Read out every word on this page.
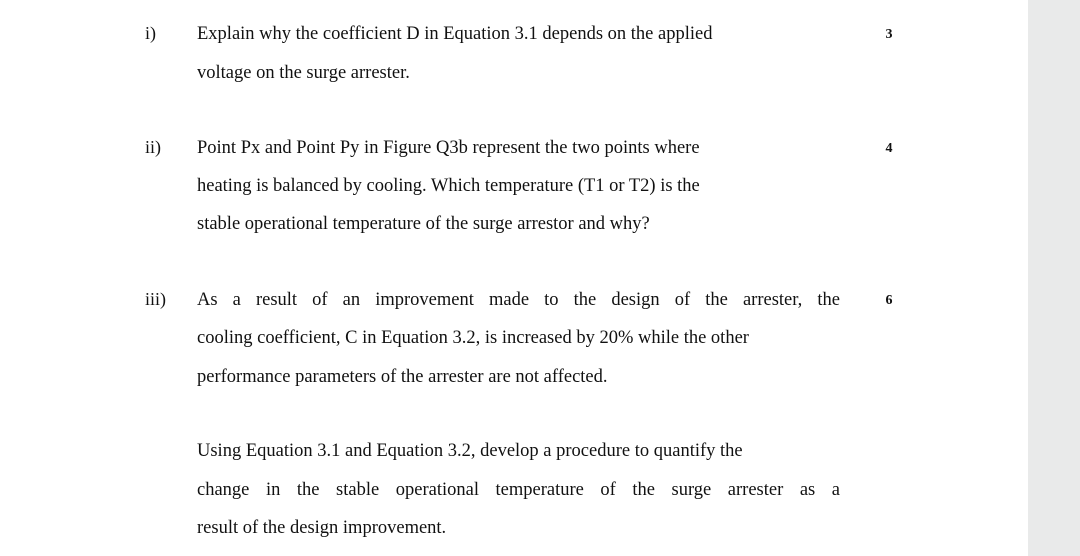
i)	3
Explain why the coefficient D in Equation 3.1 depends on the applied
voltage on the surge arrester.
ii)	4
Point Px and Point Py in Figure Q3b represent the two points where
heating is balanced by cooling. Which temperature (T1 or T2) is the
stable operational temperature of the surge arrestor and why?
iii)	6
As a result of an improvement made to the design of the arrester, the
cooling coefficient, C in Equation 3.2, is increased by 20% while the other
performance parameters of the arrester are not affected.
Using Equation 3.1 and Equation 3.2, develop a procedure to quantify the
change in the stable operational temperature of the surge arrester as a
result of the design improvement.
